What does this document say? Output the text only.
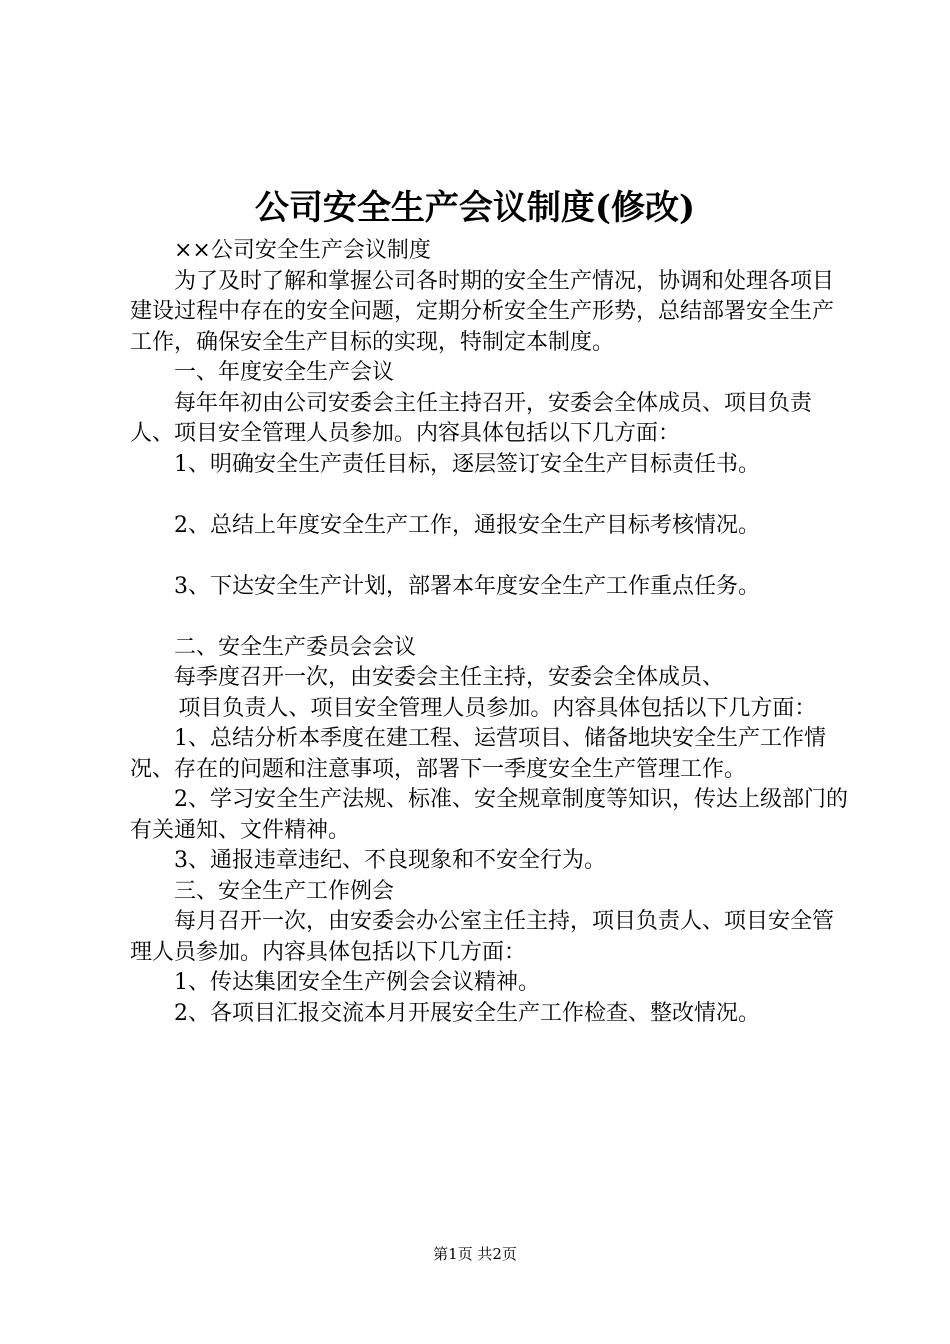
公司安全生产会议制度(修改)

××公司安全生产会议制度

为了及时了解和掌握公司各时期的安全生产情况，协调和处理各项目建设过程中存在的安全问题，定期分析安全生产形势，总结部署安全生产工作，确保安全生产目标的实现，特制定本制度。

一、年度安全生产会议

每年年初由公司安委会主任主持召开，安委会全体成员、项目负责人、项目安全管理人员参加。内容具体包括以下几方面：

1、明确安全生产责任目标，逐层签订安全生产目标责任书。

2、总结上年度安全生产工作，通报安全生产目标考核情况。

3、下达安全生产计划，部署本年度安全生产工作重点任务。

二、安全生产委员会会议

每季度召开一次，由安委会主任主持，安委会全体成员、

项目负责人、项目安全管理人员参加。内容具体包括以下几方面：

1、总结分析本季度在建工程、运营项目、储备地块安全生产工作情况、存在的问题和注意事项，部署下一季度安全生产管理工作。

2、学习安全生产法规、标准、安全规章制度等知识，传达上级部门的有关通知、文件精神。

3、通报违章违纪、不良现象和不安全行为。

三、安全生产工作例会

每月召开一次，由安委会办公室主任主持，项目负责人、项目安全管理人员参加。内容具体包括以下几方面：

1、传达集团安全生产例会会议精神。

2、各项目汇报交流本月开展安全生产工作检查、整改情况。

第1页 共2页
